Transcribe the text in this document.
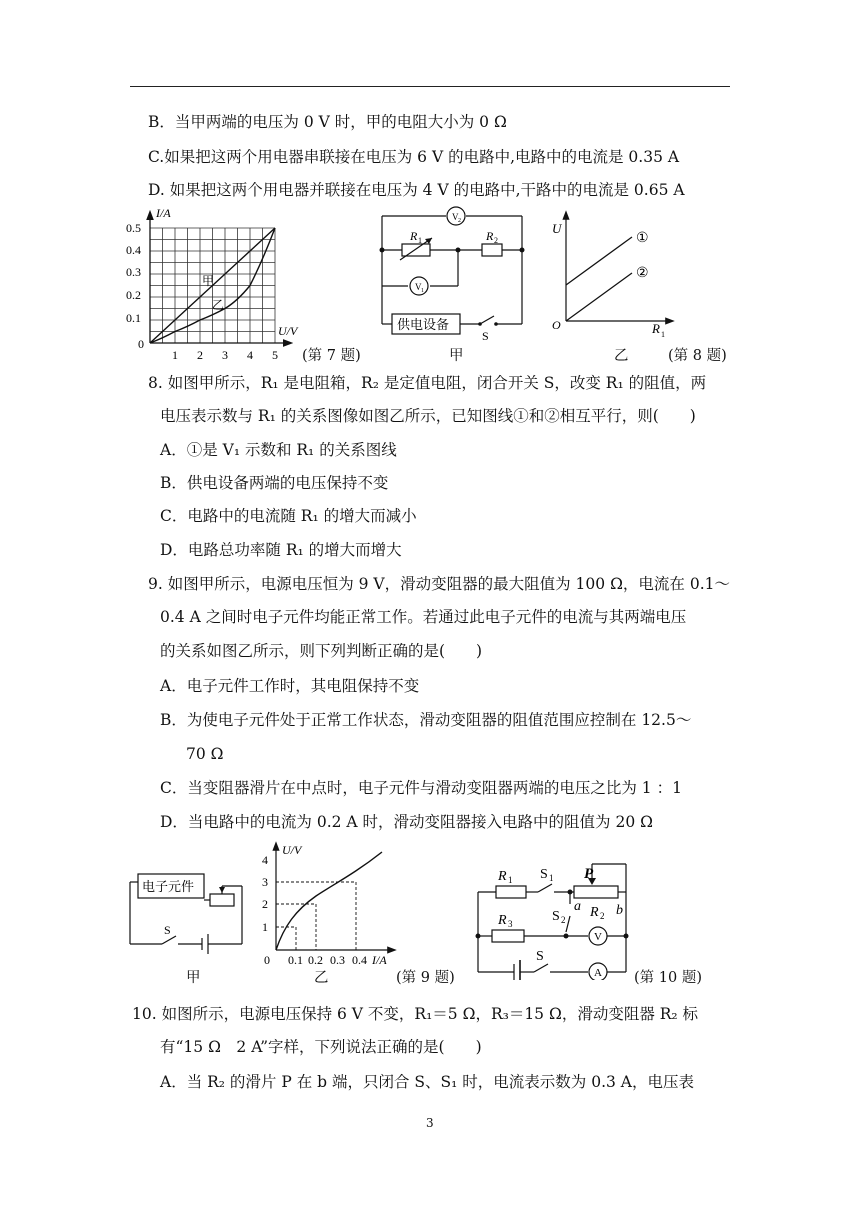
B．当甲两端的电压为 0 V 时，甲的电阻大小为 0 Ω
C.如果把这两个用电器串联接在电压为 6 V 的电路中,电路中的电流是 0.35 A
D. 如果把这两个用电器并联接在电压为 4 V 的电路中,干路中的电流是 0.65 A
I/A
U/V
甲
乙
0.5
0.4
0.3
0.2
0.1
0
1 2 3 4 5 (第 7 题)
V 2
V 1
R 1	R 2
供电设备
S
甲
U
O	R 1
①
②
乙	(第 8 题)
8. 如图甲所示，R₁ 是电阻箱，R₂ 是定值电阻，闭合开关 S，改变 R₁ 的阻值，两
电压表示数与 R₁ 的关系图像如图乙所示，已知图线①和②相互平行，则(　　)
A．①是 V₁ 示数和 R₁ 的关系图线
B．供电设备两端的电压保持不变
C．电路中的电流随 R₁ 的增大而减小
D．电路总功率随 R₁ 的增大而增大
9. 如图甲所示，电源电压恒为 9 V，滑动变阻器的最大阻值为 100 Ω，电流在 0.1～
0.4 A 之间时电子元件均能正常工作。若通过此电子元件的电流与其两端电压
的关系如图乙所示，则下列判断正确的是(　　)
A．电子元件工作时，其电阻保持不变
B．为使电子元件处于正常工作状态，滑动变阻器的阻值范围应控制在 12.5～
70 Ω
C．当变阻器滑片在中点时，电子元件与滑动变阻器两端的电压之比为 1 ：1
D．当电路中的电流为 0.2 A 时，滑动变阻器接入电路中的阻值为 20 Ω
电子元件
S
甲
U/V
4
3
2
1
0 0.1 0.2 0.3 0.4 I/A
乙	(第 9 题)
R 1 S 1 P
a R 2 b
S 2
R 3
V
A
S
(第 10 题)
10. 如图所示，电源电压保持 6 V 不变，R₁＝5 Ω，R₃＝15 Ω，滑动变阻器 R₂ 标
有“15 Ω　2 A”字样，下列说法正确的是(　　)
A．当 R₂ 的滑片 P 在 b 端，只闭合 S、S₁ 时，电流表示数为 0.3 A，电压表
3
